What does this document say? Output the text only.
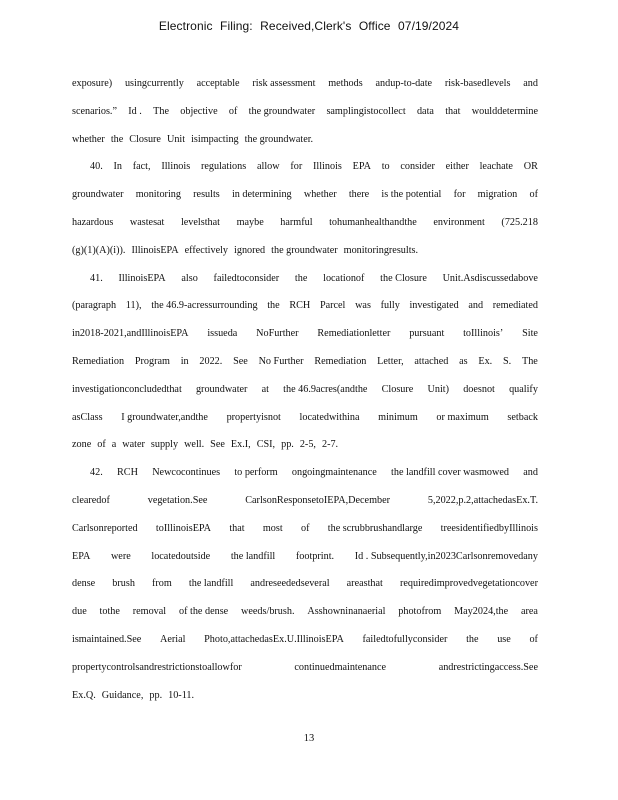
Electronic Filing: Received,Clerk's Office 07/19/2024
exposure) usingcurrently acceptable risk assessment methods andup-to-date risk-basedlevels and
scenarios.” Id . The objective of the groundwater samplingistocollect data that woulddetermine
whether the Closure Unit isimpacting the groundwater.
40. In fact, Illinois regulations allow for Illinois EPA to consider either leachate OR
groundwater monitoring results in determining whether there is the potential for migration of
hazardous wastesat levelsthat maybe harmful tohumanhealthandthe environment (725.218
(g)(1)(A)(i)). IllinoisEPA effectively ignored the groundwater monitoringresults.
41. IllinoisEPA also failedtoconsider the locationof the Closure Unit.Asdiscussedabove
(paragraph 11), the 46.9-acressurrounding the RCH Parcel was fully investigated and remediated
in2018-2021,andIllinoisEPA issueda NoFurther Remediationletter pursuant toIllinois’ Site
Remediation Program in 2022. See No Further Remediation Letter, attached as Ex. S. The
investigationconcludedthat groundwater at the 46.9acres(andthe Closure Unit) doesnot qualify
asClass I groundwater,andthe propertyisnot locatedwithina minimum or maximum setback
zone of a water supply well. See Ex.I, CSI, pp. 2-5, 2-7.
42. RCH Newcocontinues to perform ongoingmaintenance the landfill cover wasmowed and
clearedof	vegetation.See	CarlsonResponsetoIEPA,December	5,2022,p.2,attachedasEx.T.
Carlsonreported toIllinoisEPA that most of the scrubbrushandlarge treesidentifiedbyIllinois
EPA were locatedoutside the landfill footprint. Id . Subsequently,in2023Carlsonremovedany
dense brush from the landfill andreseededseveral areasthat requiredimprovedvegetationcover
due tothe removal of the dense weeds/brush. Asshowninanaerial photofrom May2024,the area
ismaintained.See Aerial Photo,attachedasEx.U.IllinoisEPA failedtofullyconsider the use of
propertycontrolsandrestrictionstoallowfor	continuedmaintenance	andrestrictingaccess.See
Ex.Q. Guidance, pp. 10-11.
13
